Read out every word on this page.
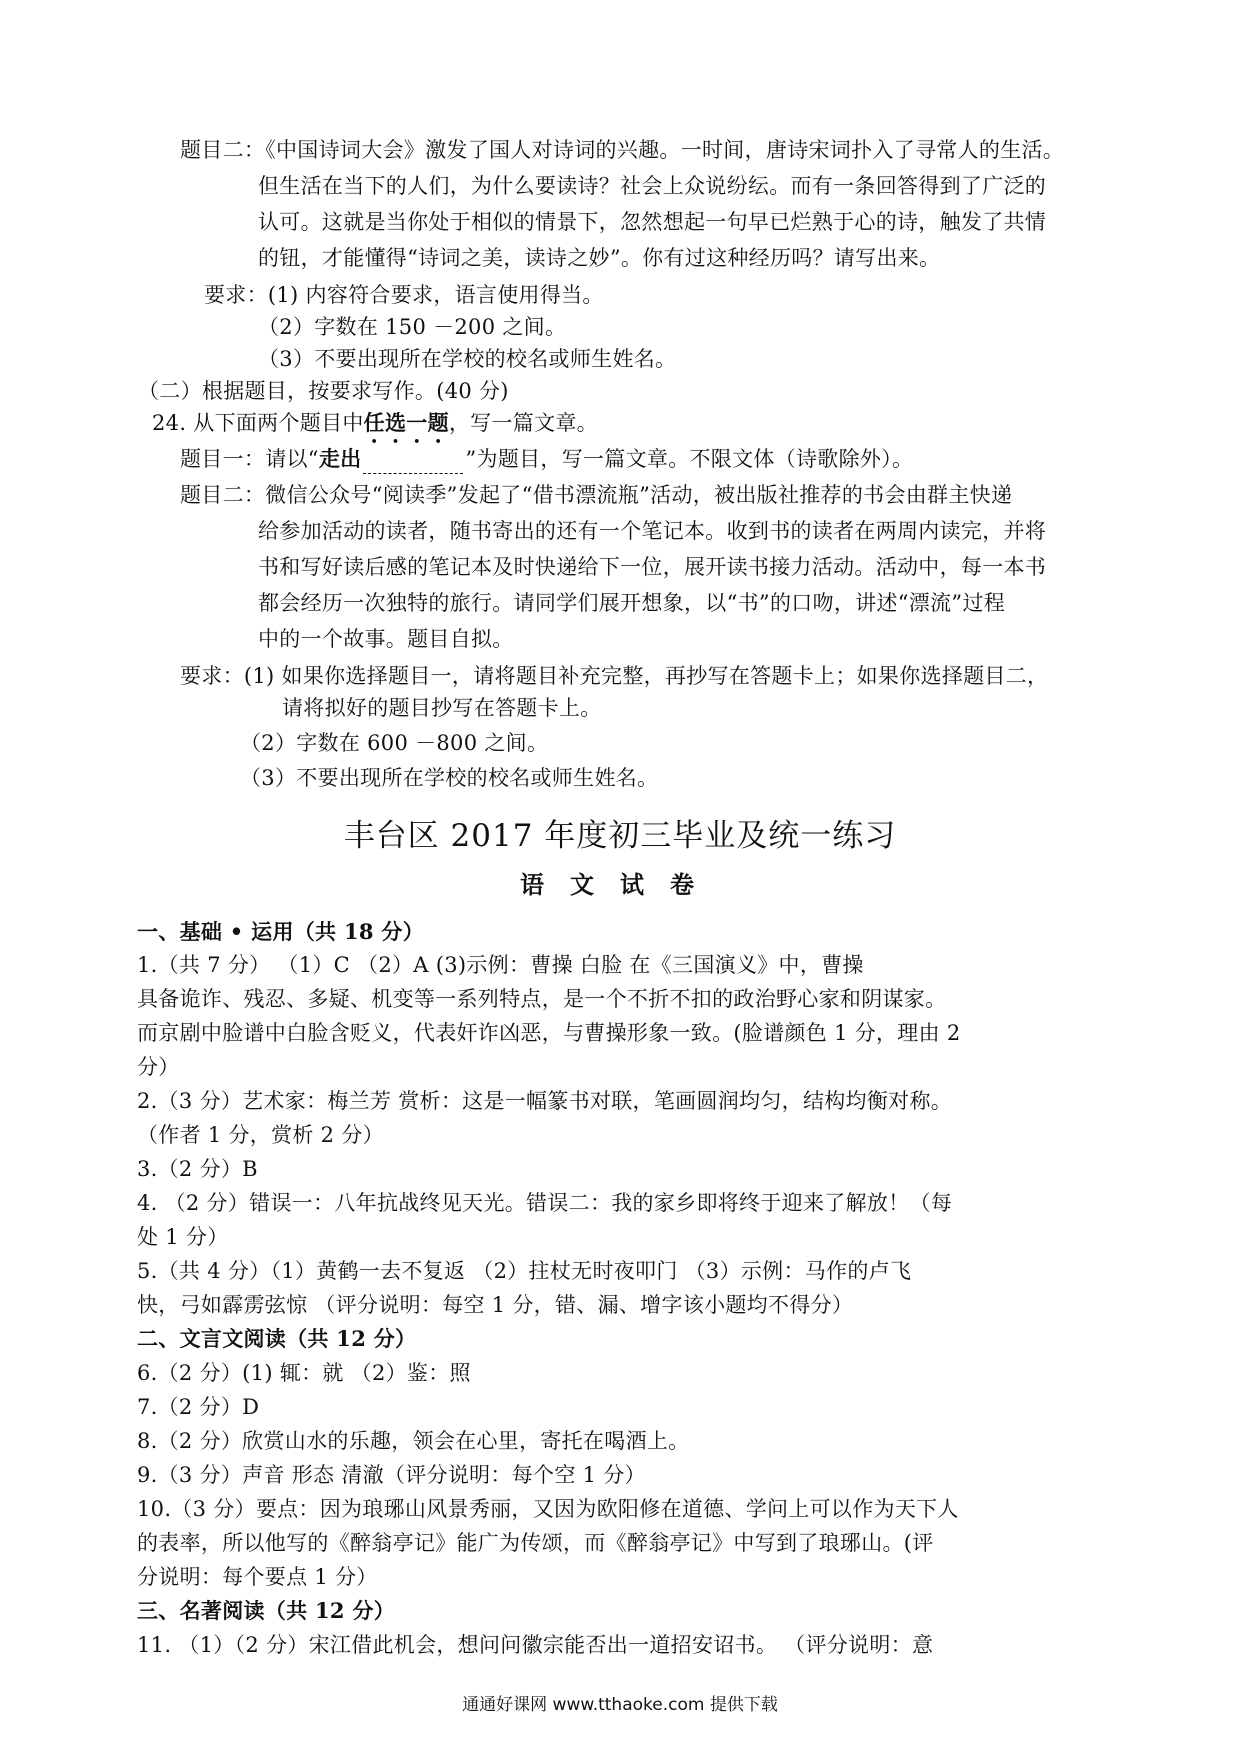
题目二：《中国诗词大会》激发了国人对诗词的兴趣。一时间，唐诗宋词扑入了寻常人的生活。
但生活在当下的人们，为什么要读诗？社会上众说纷纭。而有一条回答得到了广泛的
认可。这就是当你处于相似的情景下，忽然想起一句早已烂熟于心的诗，触发了共情
的钮，才能懂得“诗词之美，读诗之妙”。你有过这种经历吗？请写出来。
要求：(1) 内容符合要求，语言使用得当。
（2）字数在 150 －200 之间。
（3）不要出现所在学校的校名或师生姓名。
（二）根据题目，按要求写作。(40 分)
24. 从下面两个题目中任选一题，写一篇文章。
题目一：请以“走出	”为题目，写一篇文章。不限文体（诗歌除外）。
题目二：微信公众号“阅读季”发起了“借书漂流瓶”活动，被出版社推荐的书会由群主快递
给参加活动的读者，随书寄出的还有一个笔记本。收到书的读者在两周内读完，并将
书和写好读后感的笔记本及时快递给下一位，展开读书接力活动。活动中，每一本书
都会经历一次独特的旅行。请同学们展开想象，以“书”的口吻，讲述“漂流”过程
中的一个故事。题目自拟。
要求：(1) 如果你选择题目一，请将题目补充完整，再抄写在答题卡上；如果你选择题目二，
请将拟好的题目抄写在答题卡上。
（2）字数在 600 －800 之间。
（3）不要出现所在学校的校名或师生姓名。
丰台区 2017 年度初三毕业及统一练习
语文试卷
一、基础 • 运用（共 18 分）
1.（共 7 分） （1）C （2）A (3)示例：曹操 白脸 在《三国演义》中，曹操
具备诡诈、残忍、多疑、机变等一系列特点，是一个不折不扣的政治野心家和阴谋家。
而京剧中脸谱中白脸含贬义，代表奸诈凶恶，与曹操形象一致。(脸谱颜色 1 分，理由 2
分）
2.（3 分）艺术家：梅兰芳 赏析：这是一幅篆书对联，笔画圆润均匀，结构均衡对称。
（作者 1 分，赏析 2 分）
3.（2 分）B
4. （2 分）错误一：八年抗战终见天光。错误二：我的家乡即将终于迎来了解放！（每
处 1 分）
5.（共 4 分）（1）黄鹤一去不复返 （2）拄杖无时夜叩门 （3）示例：马作的卢飞
快，弓如霹雳弦惊 （评分说明：每空 1 分，错、漏、增字该小题均不得分）
二、文言文阅读（共 12 分）
6.（2 分）(1) 辄：就 （2）鉴：照
7.（2 分）D
8.（2 分）欣赏山水的乐趣，领会在心里，寄托在喝酒上。
9.（3 分）声音 形态 清澈（评分说明：每个空 1 分）
10.（3 分）要点：因为琅琊山风景秀丽，又因为欧阳修在道德、学问上可以作为天下人
的表率，所以他写的《醉翁亭记》能广为传颂，而《醉翁亭记》中写到了琅琊山。(评
分说明：每个要点 1 分）
三、名著阅读（共 12 分）
11. （1）（2 分）宋江借此机会，想问问徽宗能否出一道招安诏书。 （评分说明：意
通通好课网 www.tthaoke.com 提供下载
